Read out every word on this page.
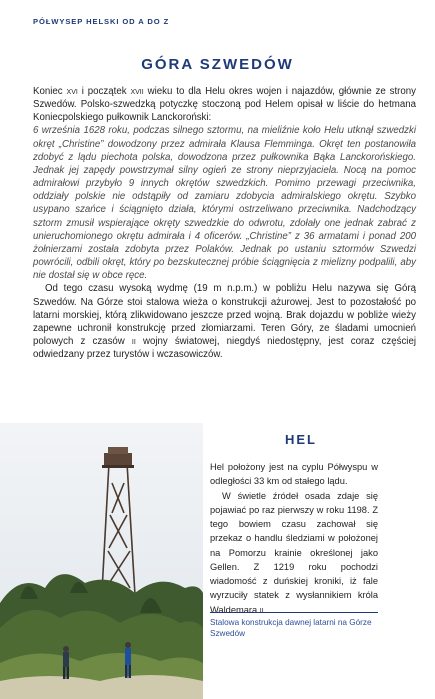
PÓŁWYSEP HELSKI OD A DO Z
GÓRA SZWEDÓW

Koniec xvi i początek xvii wieku to dla Helu okres wojen i najazdów, głównie ze strony Szwedów. Polsko-szwedzką potyczkę stoczoną pod Helem opisał w liście do hetmana Koniecpolskiego pułkownik Lanckoroński:

6 września 1628 roku, podczas silnego sztormu, na mieliźnie koło Helu utknął szwedzki okręt „Christine” dowodzony przez admirała Klausa Flemminga. Okręt ten postanowiła zdobyć z lądu piechota polska, dowodzona przez pułkownika Bąka Lanckorońskiego. Jednak jej zapędy powstrzymał silny ogień ze strony nieprzyjaciela. Nocą na pomoc admirałowi przybyło 9 innych okrętów szwedzkich. Pomimo przewagi przeciwnika, oddziały polskie nie odstąpiły od zamiaru zdobycia admiralskiego okrętu. Szybko usypano szańce i ściągnięto działa, którymi ostrzeliwano przeciwnika. Nadchodzący sztorm zmusił wspierające okręty szwedzkie do odwrotu, zdołały one jednak zabrać z unieruchomionego okrętu admirała i 4 oficerów. „Christine” z 36 armatami i ponad 200 żołnierzami została zdobyta przez Polaków. Jednak po ustaniu sztormów Szwedzi powrócili, odbili okręt, który po bezskutecznej próbie ściągnięcia z mielizny podpalili, aby nie dostał się w obce ręce.

Od tego czasu wysoką wydmę (19 m n.p.m.) w pobliżu Helu nazywa się Górą Szwedów. Na Górze stoi stalowa wieża o konstrukcji ażurowej. Jest to pozostałość po latarni morskiej, którą zlikwidowano jeszcze przed wojną. Brak dojazdu w pobliże wieży zapewne uchronił konstrukcję przed złomiarzami. Teren Góry, ze śladami umocnień polowych z czasów ii wojny światowej, niegdyś niedostępny, jest coraz częściej odwiedzany przez turystów i wczasowiczów.

HEL

Hel położony jest na cyplu Półwyspu w odległości 33 km od stałego lądu.

W świetle źródeł osada zdaje się pojawiać po raz pierwszy w roku 1198. Z tego bowiem czasu zachował się przekaz o handlu śledziami w położonej na Pomorzu krainie określonej jako Gellen. Z 1219 roku pochodzi wiadomość z duńskiej kroniki, iż fale wyrzuciły statek z wysłannikiem króla Waldemara ii

Stalowa konstrukcja dawnej latarni na Górze Szwedów
